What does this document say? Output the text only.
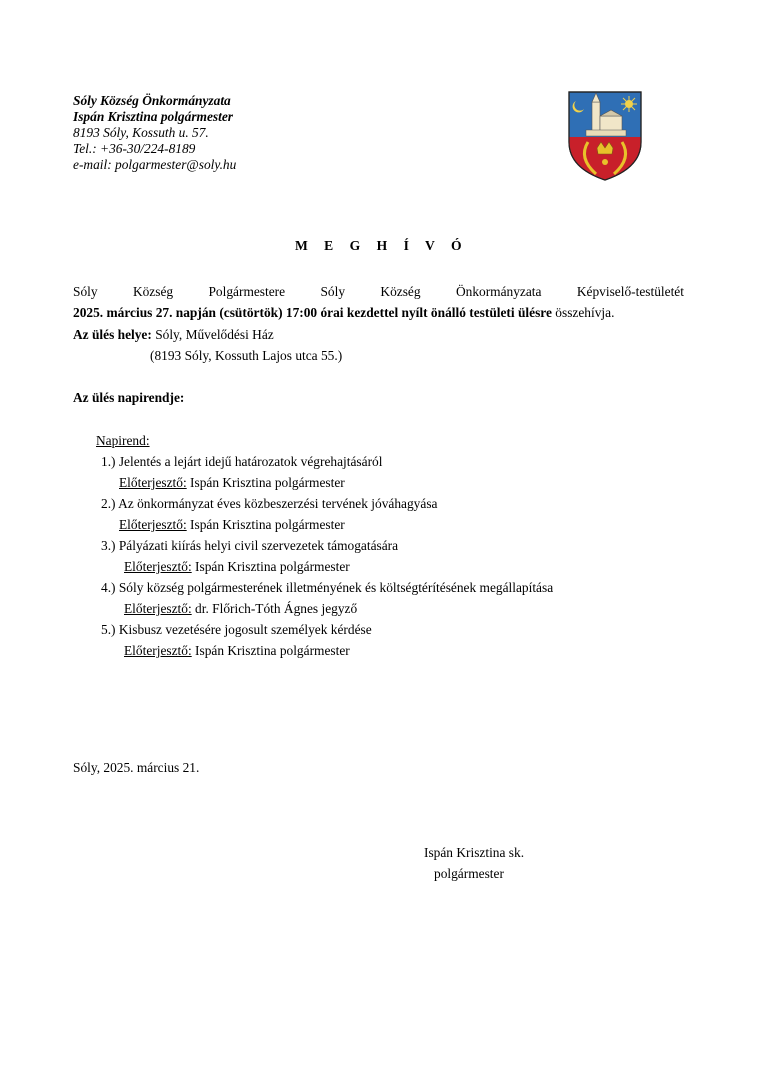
Sóly Község Önkormányzata
Ispán Krisztina polgármester
8193 Sóly, Kossuth u. 57.
Tel.: +36-30/224-8189
e-mail: polgarmester@soly.hu
M E G H Í V Ó
Sóly	Község	Polgármestere	Sóly	Község	Önkormányzata	Képviselő-testületét
2025. március 27. napján (csütörtök) 17:00 órai kezdettel nyílt önálló testületi ülésre összehívja.
Az ülés helye: Sóly, Művelődési Ház
(8193 Sóly, Kossuth Lajos utca 55.)
Az ülés napirendje:
Napirend:
1.) Jelentés a lejárt idejű határozatok végrehajtásáról
Előterjesztő: Ispán Krisztina polgármester
2.) Az önkormányzat éves közbeszerzési tervének jóváhagyása
Előterjesztő: Ispán Krisztina polgármester
3.) Pályázati kiírás helyi civil szervezetek támogatására
Előterjesztő: Ispán Krisztina polgármester
4.) Sóly község polgármesterének illetményének és költségtérítésének megállapítása
Előterjesztő: dr. Flőrich-Tóth Ágnes jegyző
5.) Kisbusz vezetésére jogosult személyek kérdése
Előterjesztő: Ispán Krisztina polgármester
Sóly, 2025. március 21.
Ispán Krisztina sk.
polgármester
